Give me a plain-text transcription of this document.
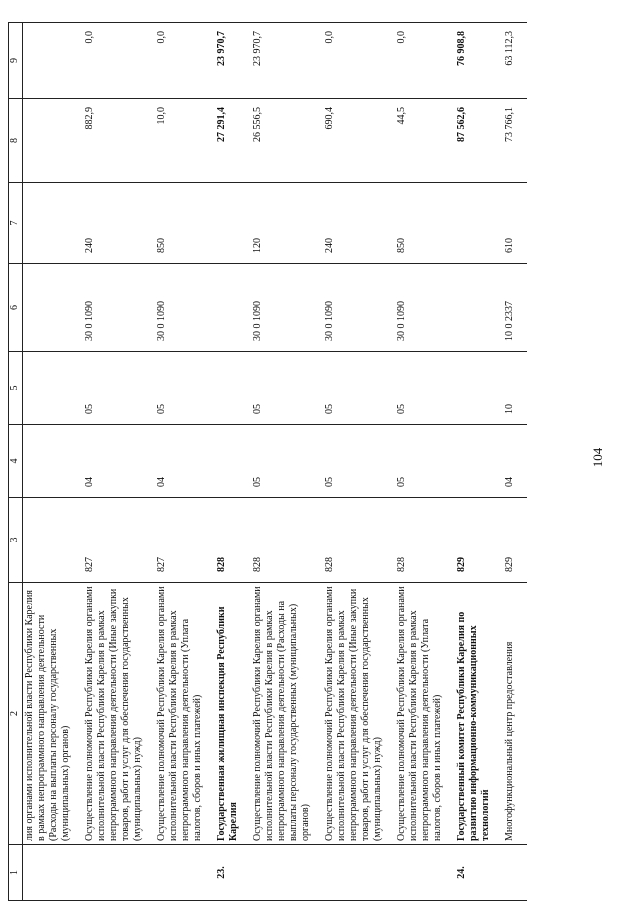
1	2	3	4	5	6	7	8	9
	лия органами исполнительной власти Республики Карелия в рамках непрограммного направления деятельности (Расходы на выплаты персоналу государственных (муниципальных) органов)							

	Осуществление полномочий Республики Карелия органами исполнительной власти Республики Карелия в рамках непрограммного направления деятельности (Иные закупки товаров, работ и услуг для обеспечения государственных (муниципальных) нужд)	827	04	05	30 0 1090	240	882,9	0,0

	Осуществление полномочий Республики Карелия органами исполнительной власти Республики Карелия в рамках непрограммного направления деятельности (Уплата налогов, сборов и иных платежей)	827	04	05	30 0 1090	850	10,0	0,0

23.	Государственная жилищная инспекция Республики Карелия	828					27 291,4	23 970,7

	Осуществление полномочий Республики Карелия органами исполнительной власти Республики Карелия в рамках непрограммного направления деятельности (Расходы на выплаты персоналу государственных (муниципальных) органов)	828	05	05	30 0 1090	120	26 556,5	23 970,7

	Осуществление полномочий Республики Карелия органами исполнительной власти Республики Карелия в рамках непрограммного направления деятельности (Иные закупки товаров, работ и услуг для обеспечения государственных (муниципальных) нужд)	828	05	05	30 0 1090	240	690,4	0,0

	Осуществление полномочий Республики Карелия органами исполнительной власти Республики Карелия в рамках непрограммного направления деятельности (Уплата налогов, сборов и иных платежей)	828	05	05	30 0 1090	850	44,5	0,0

24.	Государственный комитет Республики Карелия по развитию информационно-коммуникационных технологий	829					87 562,6	76 908,8

	Многофункциональный центр предоставления	829	04	10	10 0 2337	610	73 766,1	63 112,3

104
